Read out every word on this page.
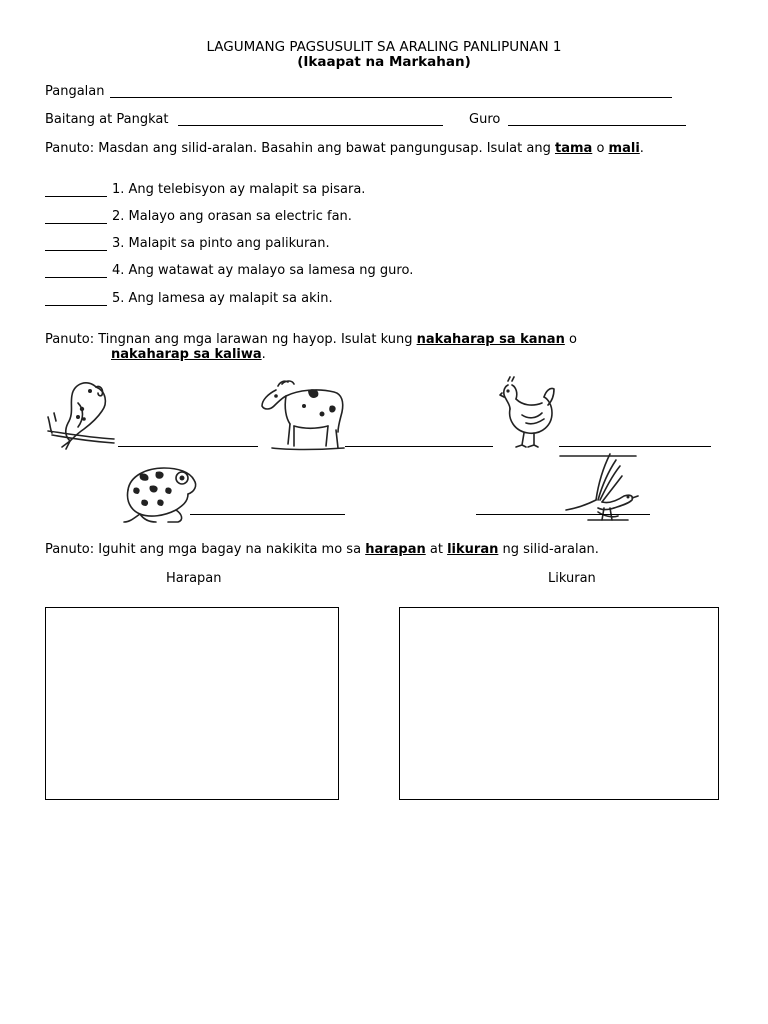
LAGUMANG PAGSUSULIT SA ARALING PANLIPUNAN 1
(Ikaapat na Markahan)
Pangalan
Baitang at Pangkat	Guro
Panuto: Masdan ang silid-aralan. Basahin ang bawat pangungusap. Isulat ang tama o mali.
1. Ang telebisyon ay malapit sa pisara.
2. Malayo ang orasan sa electric fan.
3. Malapit sa pinto ang palikuran.
4. Ang watawat ay malayo sa lamesa ng guro.
5. Ang lamesa ay malapit sa akin.
Panuto: Tingnan ang mga larawan ng hayop. Isulat kung nakaharap sa kanan o
nakaharap sa kaliwa.
Panuto: Iguhit ang mga bagay na nakikita mo sa harapan at likuran ng silid-aralan.
Harapan	Likuran
